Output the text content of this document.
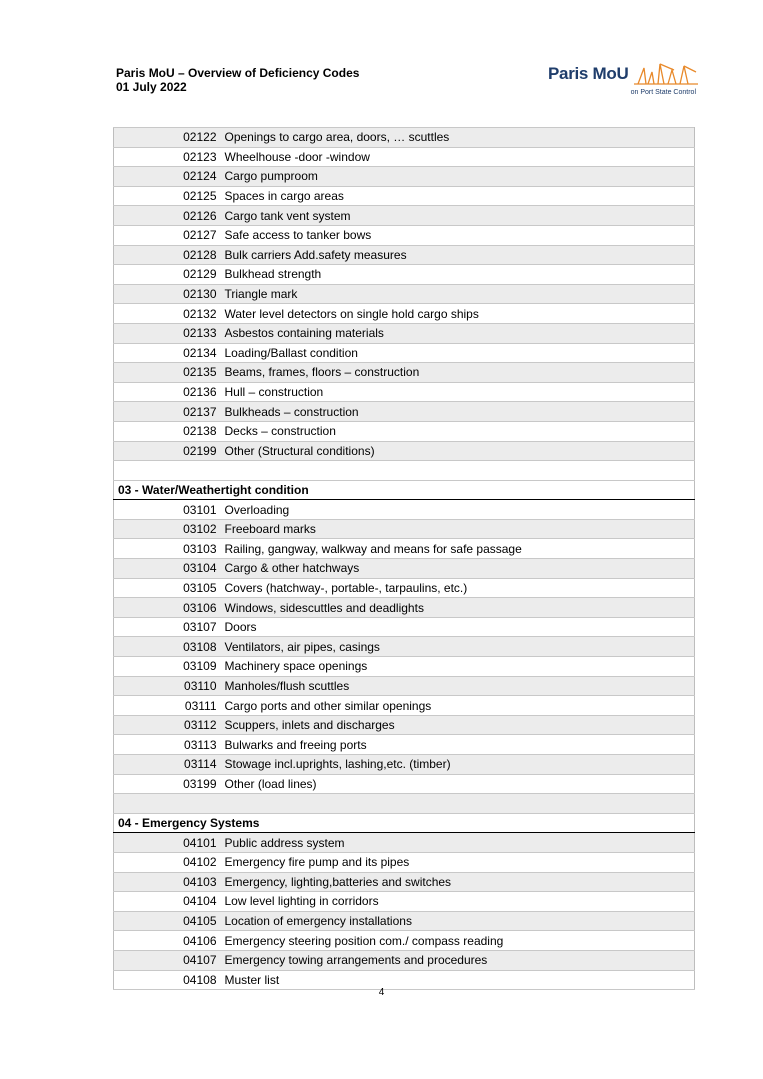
Paris MoU – Overview of Deficiency Codes
01 July 2022
Paris MoU
on Port State Control
02122	Openings to cargo area, doors, … scuttles
02123	Wheelhouse -door -window
02124	Cargo pumproom
02125	Spaces in cargo areas
02126	Cargo tank vent system
02127	Safe access to tanker bows
02128	Bulk carriers Add.safety measures
02129	Bulkhead strength
02130	Triangle mark
02132	Water level detectors on single hold cargo ships
02133	Asbestos containing materials
02134	Loading/Ballast condition
02135	Beams, frames, floors – construction
02136	Hull – construction
02137	Bulkheads – construction
02138	Decks – construction
02199	Other (Structural conditions)

03 - Water/Weathertight condition	
03101	Overloading
03102	Freeboard marks
03103	Railing, gangway, walkway and means for safe passage
03104	Cargo & other hatchways
03105	Covers (hatchway-, portable-, tarpaulins, etc.)
03106	Windows, sidescuttles and deadlights
03107	Doors
03108	Ventilators, air pipes, casings
03109	Machinery space openings
03110	Manholes/flush scuttles
03111	Cargo ports and other similar openings
03112	Scuppers, inlets and discharges
03113	Bulwarks and freeing ports
03114	Stowage incl.uprights, lashing,etc. (timber)
03199	Other (load lines)

04 - Emergency Systems	
04101	Public address system
04102	Emergency fire pump and its pipes
04103	Emergency, lighting,batteries and switches
04104	Low level lighting in corridors
04105	Location of emergency installations
04106	Emergency steering position com./ compass reading
04107	Emergency towing arrangements and procedures
04108	Muster list
4
